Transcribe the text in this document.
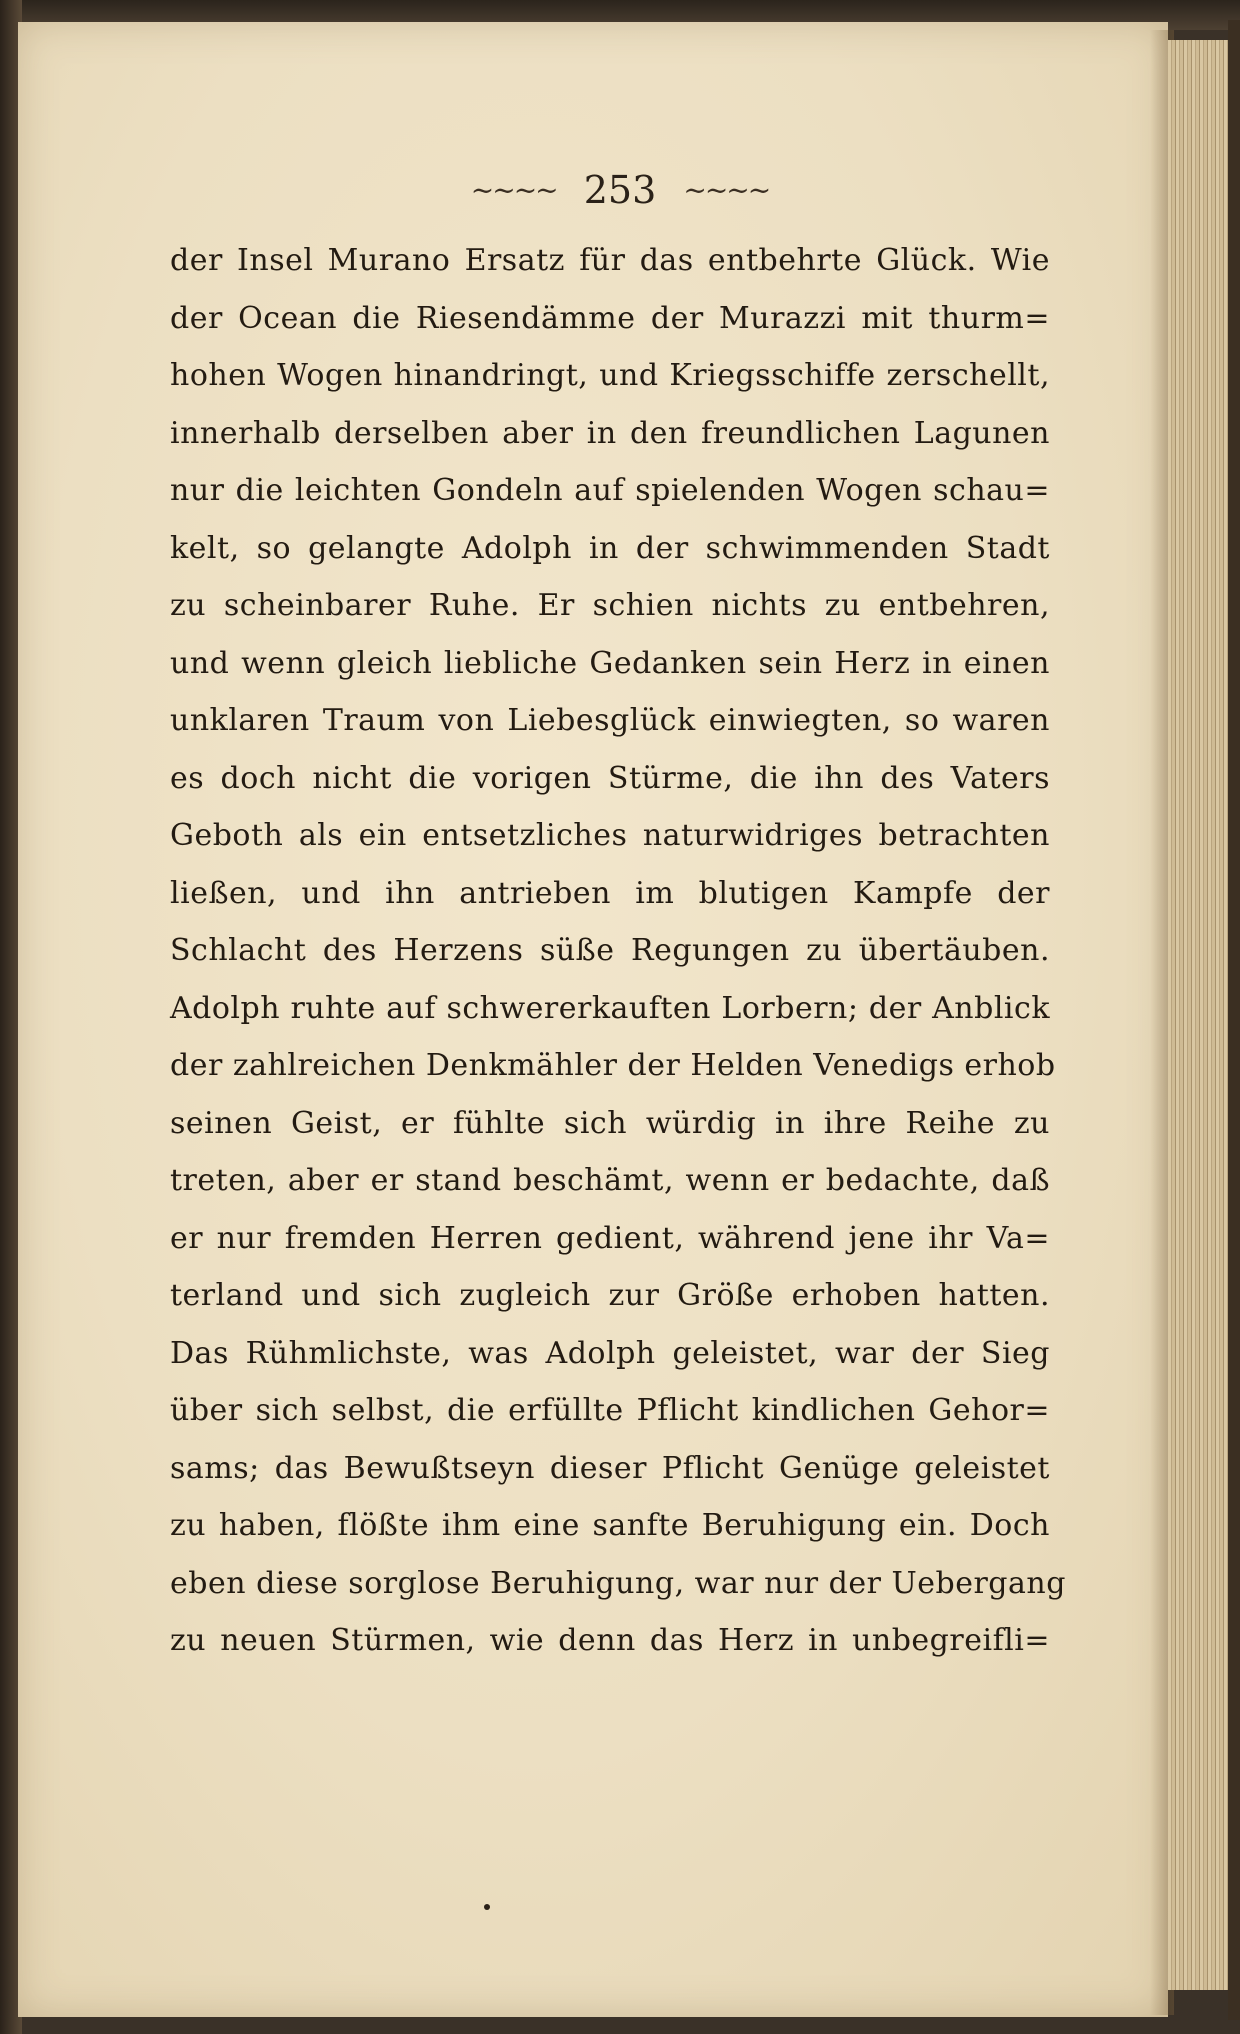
~~~~ 253 ~~~~
der Insel Murano Ersatz für das entbehrte Glück. Wie
der Ocean die Riesendämme der Murazzi mit thurm=
hohen Wogen hinandringt, und Kriegsschiffe zerschellt,
innerhalb derselben aber in den freundlichen Lagunen
nur die leichten Gondeln auf spielenden Wogen schau=
kelt, so gelangte Adolph in der schwimmenden Stadt
zu scheinbarer Ruhe. Er schien nichts zu entbehren,
und wenn gleich liebliche Gedanken sein Herz in einen
unklaren Traum von Liebesglück einwiegten, so waren
es doch nicht die vorigen Stürme, die ihn des Vaters
Geboth als ein entsetzliches naturwidriges betrachten
ließen, und ihn antrieben im blutigen Kampfe der
Schlacht des Herzens süße Regungen zu übertäuben.
Adolph ruhte auf schwererkauften Lorbern; der Anblick
der zahlreichen Denkmähler der Helden Venedigs erhob
seinen Geist, er fühlte sich würdig in ihre Reihe zu
treten, aber er stand beschämt, wenn er bedachte, daß
er nur fremden Herren gedient, während jene ihr Va=
terland und sich zugleich zur Größe erhoben hatten.
Das Rühmlichste, was Adolph geleistet, war der Sieg
über sich selbst, die erfüllte Pflicht kindlichen Gehor=
sams; das Bewußtseyn dieser Pflicht Genüge geleistet
zu haben, flößte ihm eine sanfte Beruhigung ein. Doch
eben diese sorglose Beruhigung, war nur der Uebergang
zu neuen Stürmen, wie denn das Herz in unbegreifli=
